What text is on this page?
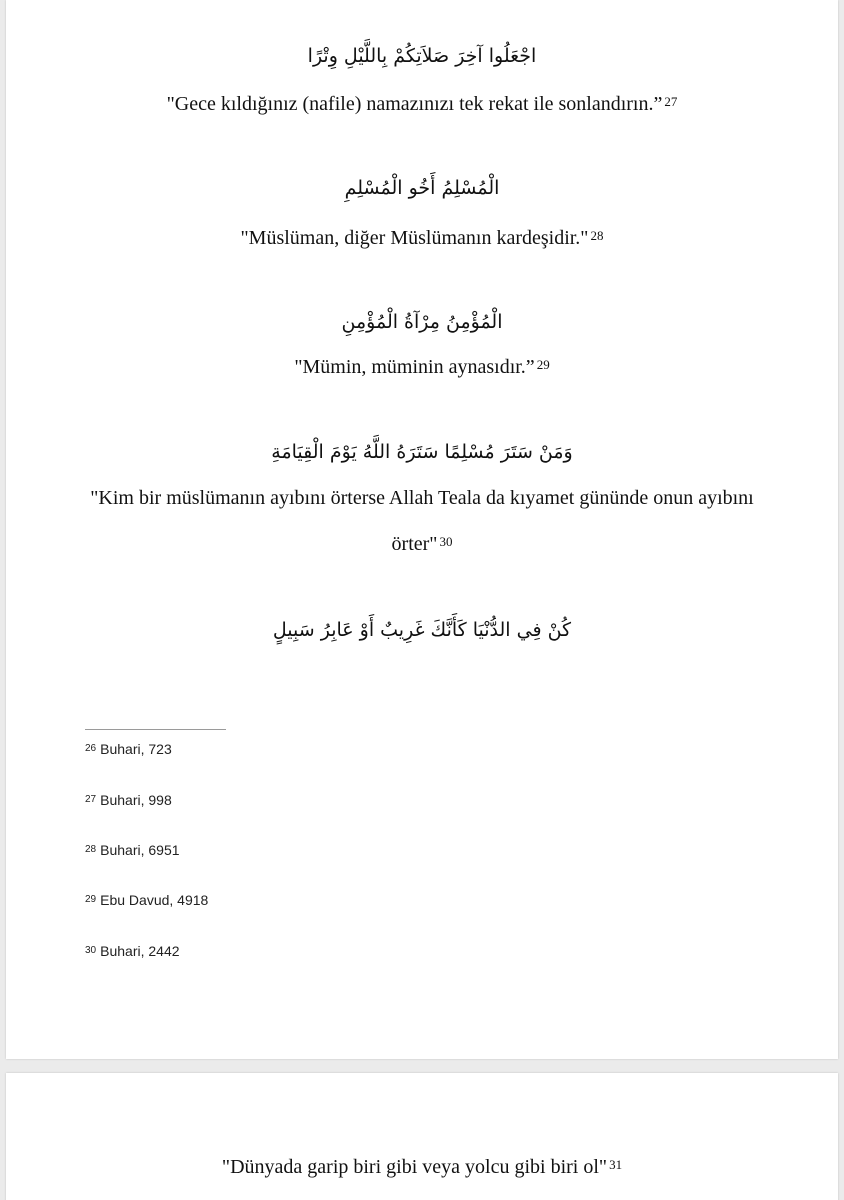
اجْعَلُوا آخِرَ صَلاَتِكُمْ بِاللَّيْلِ وِتْرًا
"Gece kıldığınız (nafile) namazınızı tek rekat ile sonlandırın.” $^{27}$
الْمُسْلِمُ أَخُو الْمُسْلِمِ
"Müslüman, diğer Müslümanın kardeşidir." $^{28}$
الْمُؤْمِنُ مِرْآةُ الْمُؤْمِنِ
"Mümin, müminin aynasıdır.” $^{29}$
وَمَنْ سَتَرَ مُسْلِمًا سَتَرَهُ اللَّهُ يَوْمَ الْقِيَامَةِ
"Kim bir müslümanın ayıbını örterse Allah Teala da kıyamet gününde onun ayıbını örter" $^{30}$
كُنْ فِي الدُّنْيَا كَأَنَّكَ غَرِيبٌ أَوْ عَابِرُ سَبِيلٍ
$^{26}$ Buhari, 723
$^{27}$ Buhari, 998
$^{28}$ Buhari, 6951
$^{29}$ Ebu Davud, 4918
$^{30}$ Buhari, 2442
"Dünyada garip biri gibi veya yolcu gibi biri ol" $^{31}$
